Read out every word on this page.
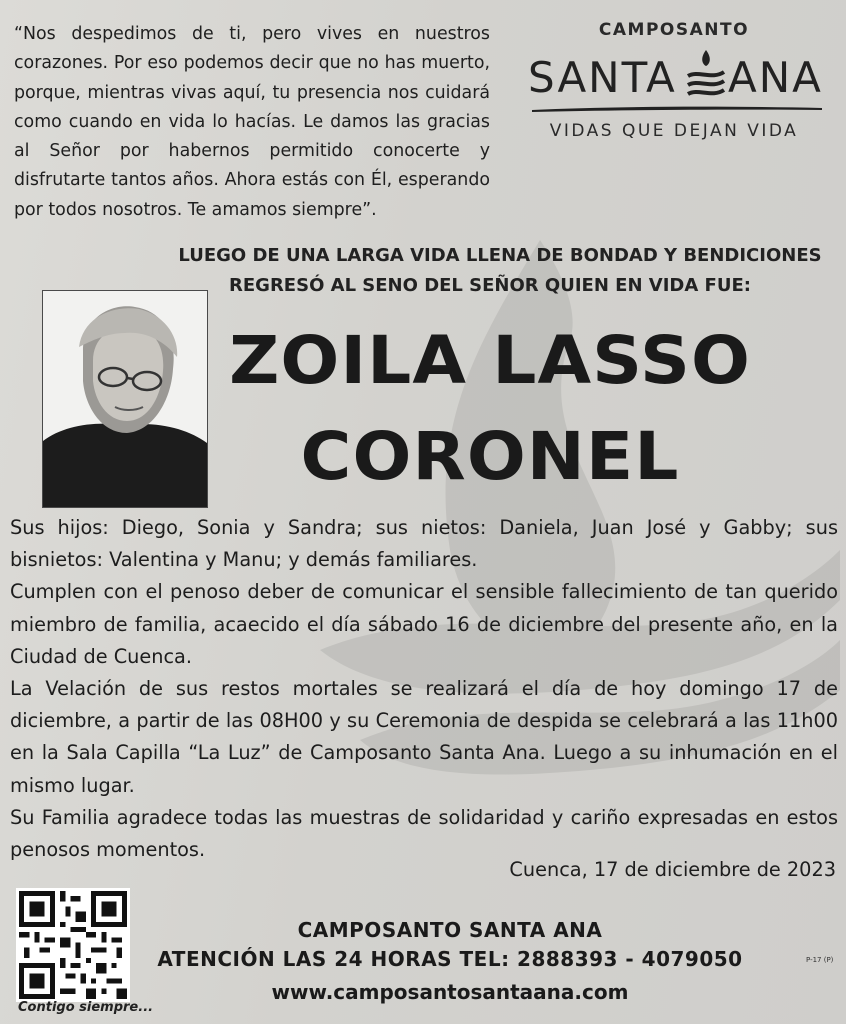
“Nos despedimos de ti, pero vives en nuestros corazones. Por eso podemos decir que no has muerto, porque, mientras vivas aquí, tu presencia nos cuidará como cuando en vida lo hacías. Le damos las gracias al Señor por habernos permitido conocerte y disfrutarte tantos años. Ahora estás con Él, esperando por todos nosotros. Te amamos siempre”.
CAMPOSANTO
SANTA ANA
VIDAS QUE DEJAN VIDA
LUEGO DE UNA LARGA VIDA LLENA DE BONDAD Y BENDICIONES
REGRESÓ AL SENO DEL SEÑOR QUIEN EN VIDA FUE:
ZOILA LASSO
CORONEL

Sus hijos: Diego, Sonia y Sandra; sus nietos: Daniela, Juan José y Gabby; sus bisnietos: Valentina y Manu; y demás familiares.

Cumplen con el penoso deber de comunicar el sensible fallecimiento de tan querido miembro de familia, acaecido el día sábado 16 de diciembre del presente año, en la Ciudad de Cuenca.

La Velación de sus restos mortales se realizará el día de hoy domingo 17 de diciembre, a partir de las 08H00 y su Ceremonia de despida se celebrará a las 11h00 en la Sala Capilla “La Luz” de Camposanto Santa Ana. Luego a su inhumación en el mismo lugar.

Su Familia agradece todas las muestras de solidaridad y cariño expresadas en estos penosos momentos.

Cuenca, 17 de diciembre de 2023
Contigo siempre...
CAMPOSANTO SANTA ANA
ATENCIÓN LAS 24 HORAS TEL: 2888393 - 4079050
www.camposantosantaana.com
P-17 (P)
